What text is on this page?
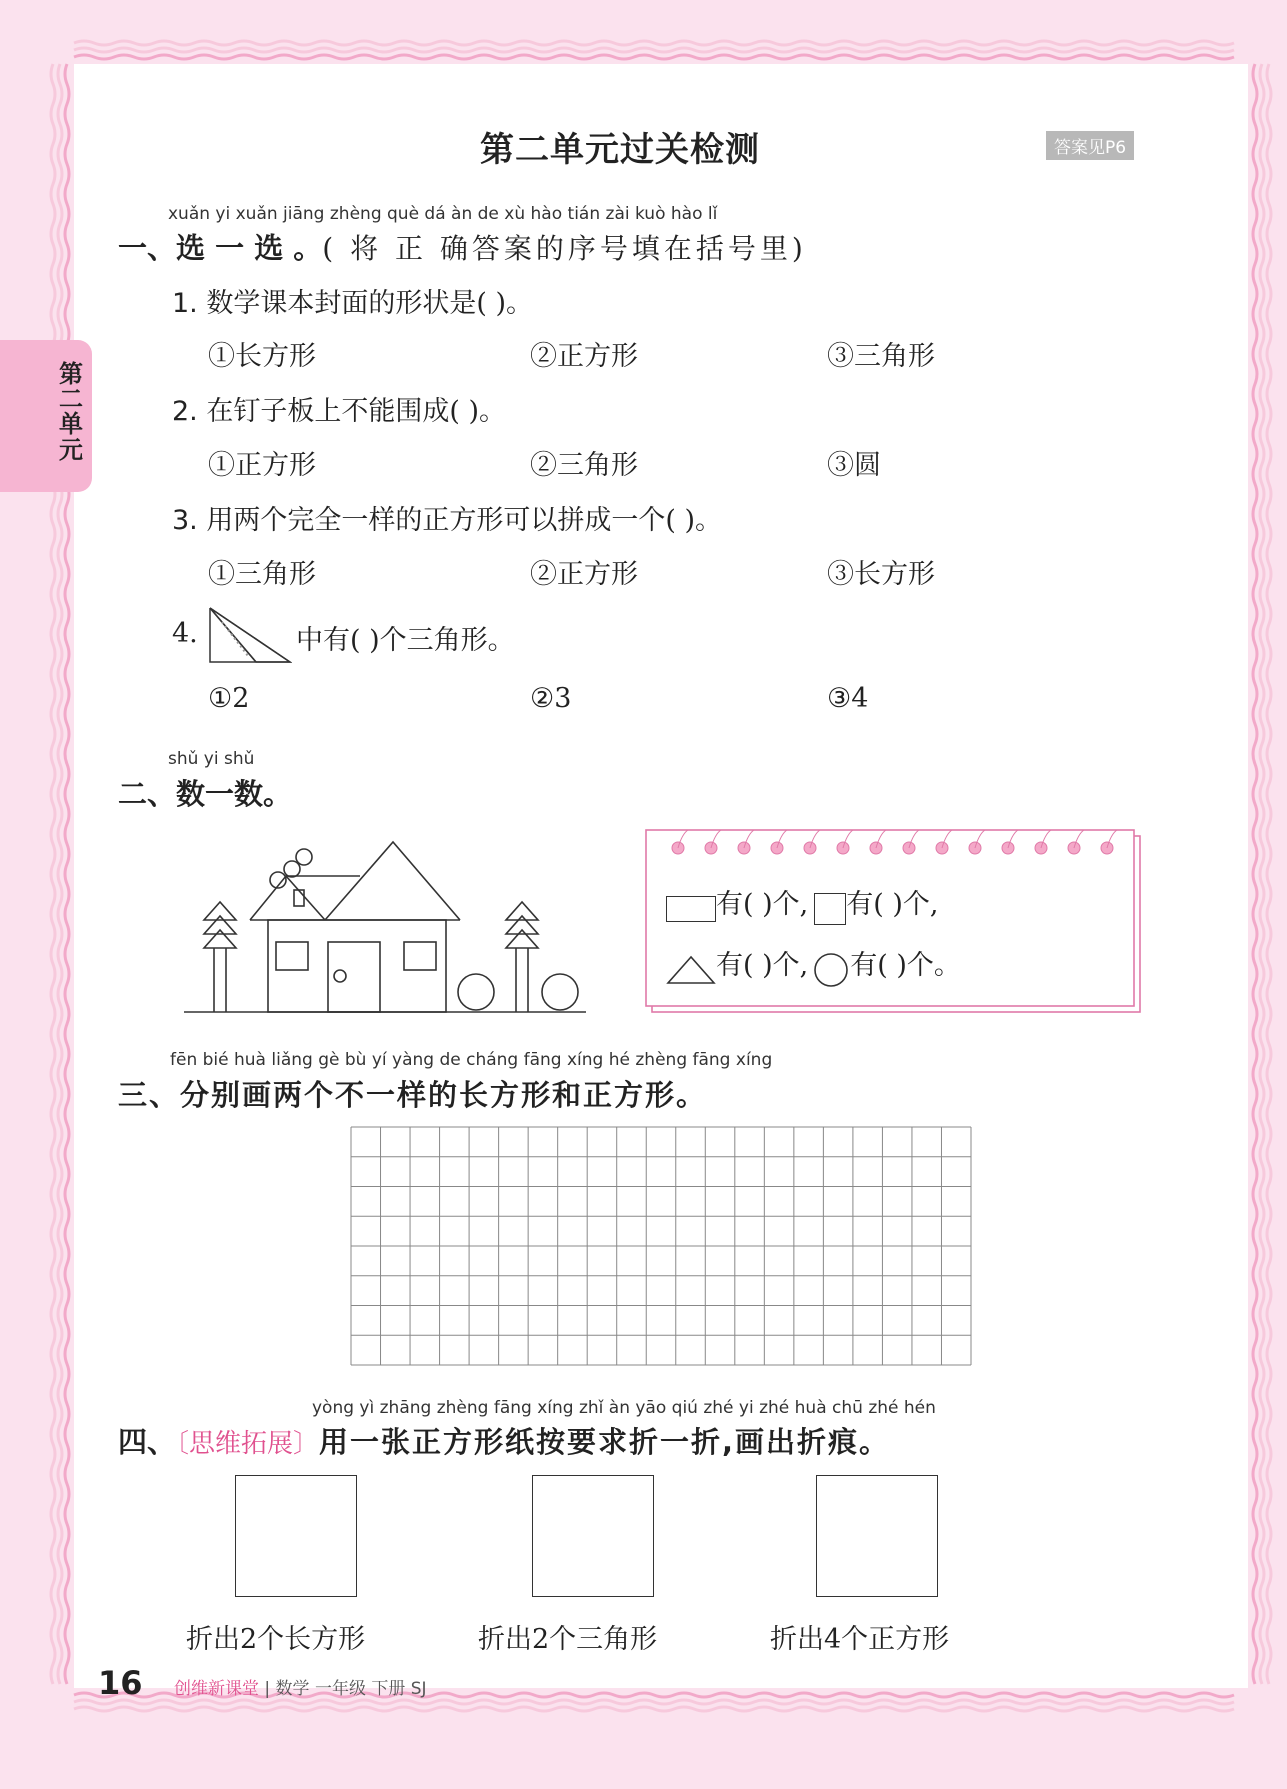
第
二
单
元
第二单元过关检测	答案见P6
xuǎn yi xuǎn jiāng zhèng què dá àn de xù hào tián zài kuò hào lǐ
一、选 一 选 。( 将 正 确答案的序号填在括号里)
1. 数学课本封面的形状是( )。
①长方形	②正方形	③三角形
2. 在钉子板上不能围成( )。
①正方形	②三角形	③圆
3. 用两个完全一样的正方形可以拼成一个( )。
①三角形	②正方形	③长方形
4.	中有( )个三角形。
①2	②3	③4
shǔ yi shǔ
二、数一数。
有( )个, 有( )个,
有( )个, 有( )个。
fēn bié huà liǎng gè bù yí yàng de cháng fāng xíng hé zhèng fāng xíng
三、分别画两个不一样的长方形和正方形。
yòng yì zhāng zhèng fāng xíng zhǐ àn yāo qiú zhé yi zhé huà chū zhé hén
四、〔思维拓展〕用一张正方形纸按要求折一折,画出折痕。
折出2个长方形	折出2个三角形	折出4个正方形
16 创维新课堂 | 数学 一年级 下册 SJ
